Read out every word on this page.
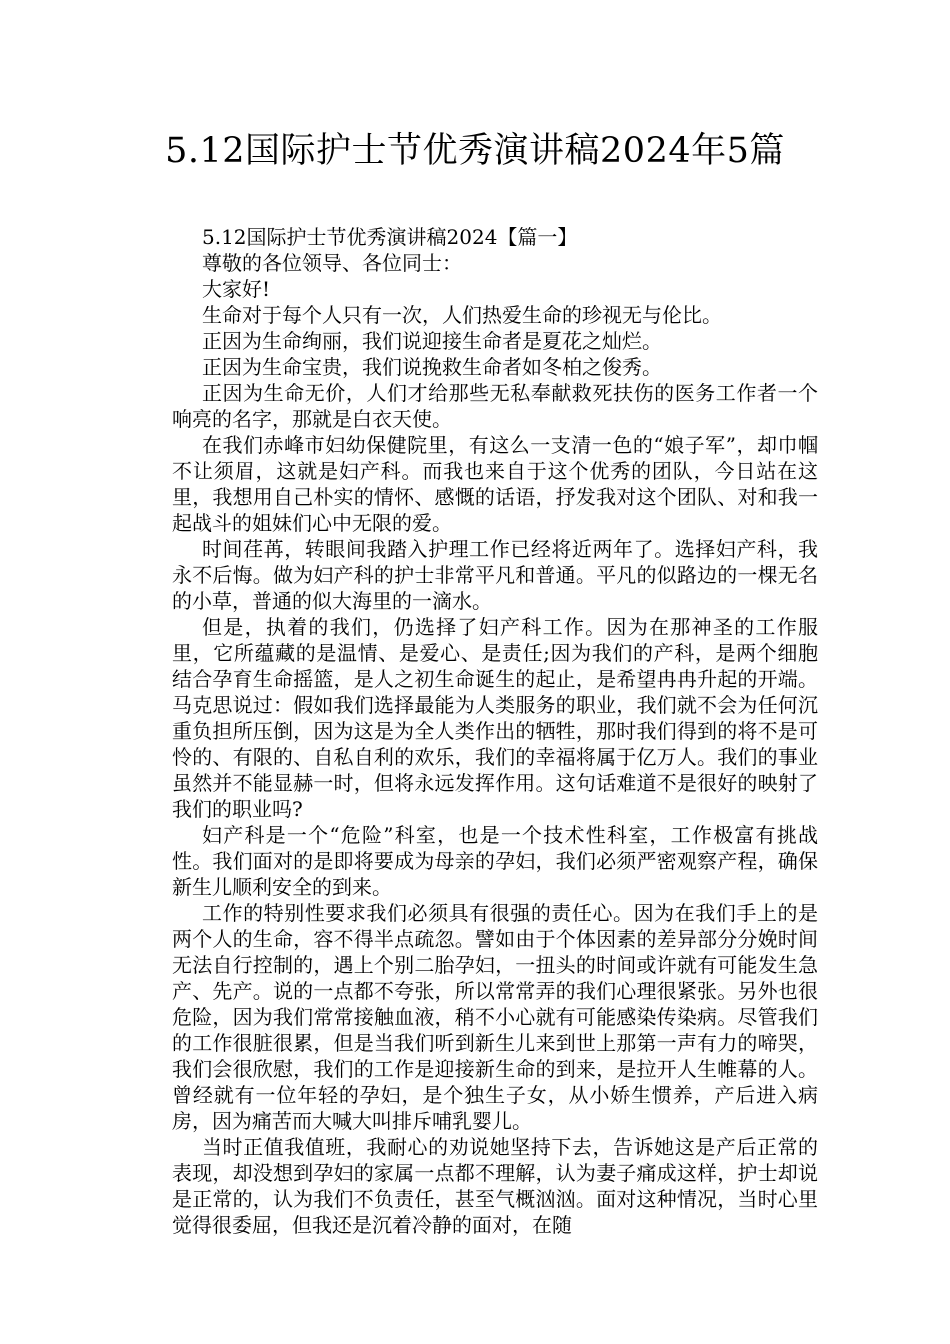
5.12国际护士节优秀演讲稿2024年5篇

5.12国际护士节优秀演讲稿2024【篇一】

尊敬的各位领导、各位同士：

大家好!

生命对于每个人只有一次，人们热爱生命的珍视无与伦比。

正因为生命绚丽，我们说迎接生命者是夏花之灿烂。

正因为生命宝贵，我们说挽救生命者如冬柏之俊秀。

正因为生命无价，人们才给那些无私奉献救死扶伤的医务工作者一个响亮的名字，那就是白衣天使。

在我们赤峰市妇幼保健院里，有这么一支清一色的“娘子军”，却巾帼不让须眉，这就是妇产科。而我也来自于这个优秀的团队，今日站在这里，我想用自己朴实的情怀、感慨的话语，抒发我对这个团队、对和我一起战斗的姐妹们心中无限的爱。

时间荏苒，转眼间我踏入护理工作已经将近两年了。选择妇产科，我永不后悔。做为妇产科的护士非常平凡和普通。平凡的似路边的一棵无名的小草，普通的似大海里的一滴水。

但是，执着的我们，仍选择了妇产科工作。因为在那神圣的工作服里，它所蕴藏的是温情、是爱心、是责任;因为我们的产科，是两个细胞结合孕育生命摇篮，是人之初生命诞生的起止，是希望冉冉升起的开端。马克思说过：假如我们选择最能为人类服务的职业，我们就不会为任何沉重负担所压倒，因为这是为全人类作出的牺牲，那时我们得到的将不是可怜的、有限的、自私自利的欢乐，我们的幸福将属于亿万人。我们的事业虽然并不能显赫一时，但将永远发挥作用。这句话难道不是很好的映射了我们的职业吗?

妇产科是一个“危险”科室，也是一个技术性科室，工作极富有挑战性。我们面对的是即将要成为母亲的孕妇，我们必须严密观察产程，确保新生儿顺利安全的到来。

工作的特别性要求我们必须具有很强的责任心。因为在我们手上的是两个人的生命，容不得半点疏忽。譬如由于个体因素的差异部分分娩时间无法自行控制的，遇上个别二胎孕妇，一扭头的时间或许就有可能发生急产、先产。说的一点都不夸张，所以常常弄的我们心理很紧张。另外也很危险，因为我们常常接触血液，稍不小心就有可能感染传染病。尽管我们的工作很脏很累，但是当我们听到新生儿来到世上那第一声有力的啼哭，我们会很欣慰，我们的工作是迎接新生命的到来，是拉开人生帷幕的人。曾经就有一位年轻的孕妇，是个独生子女，从小娇生惯养，产后进入病房，因为痛苦而大喊大叫排斥哺乳婴儿。

当时正值我值班，我耐心的劝说她坚持下去，告诉她这是产后正常的表现，却没想到孕妇的家属一点都不理解，认为妻子痛成这样，护士却说是正常的，认为我们不负责任，甚至气概汹汹。面对这种情况，当时心里觉得很委屈，但我还是沉着冷静的面对，在随
